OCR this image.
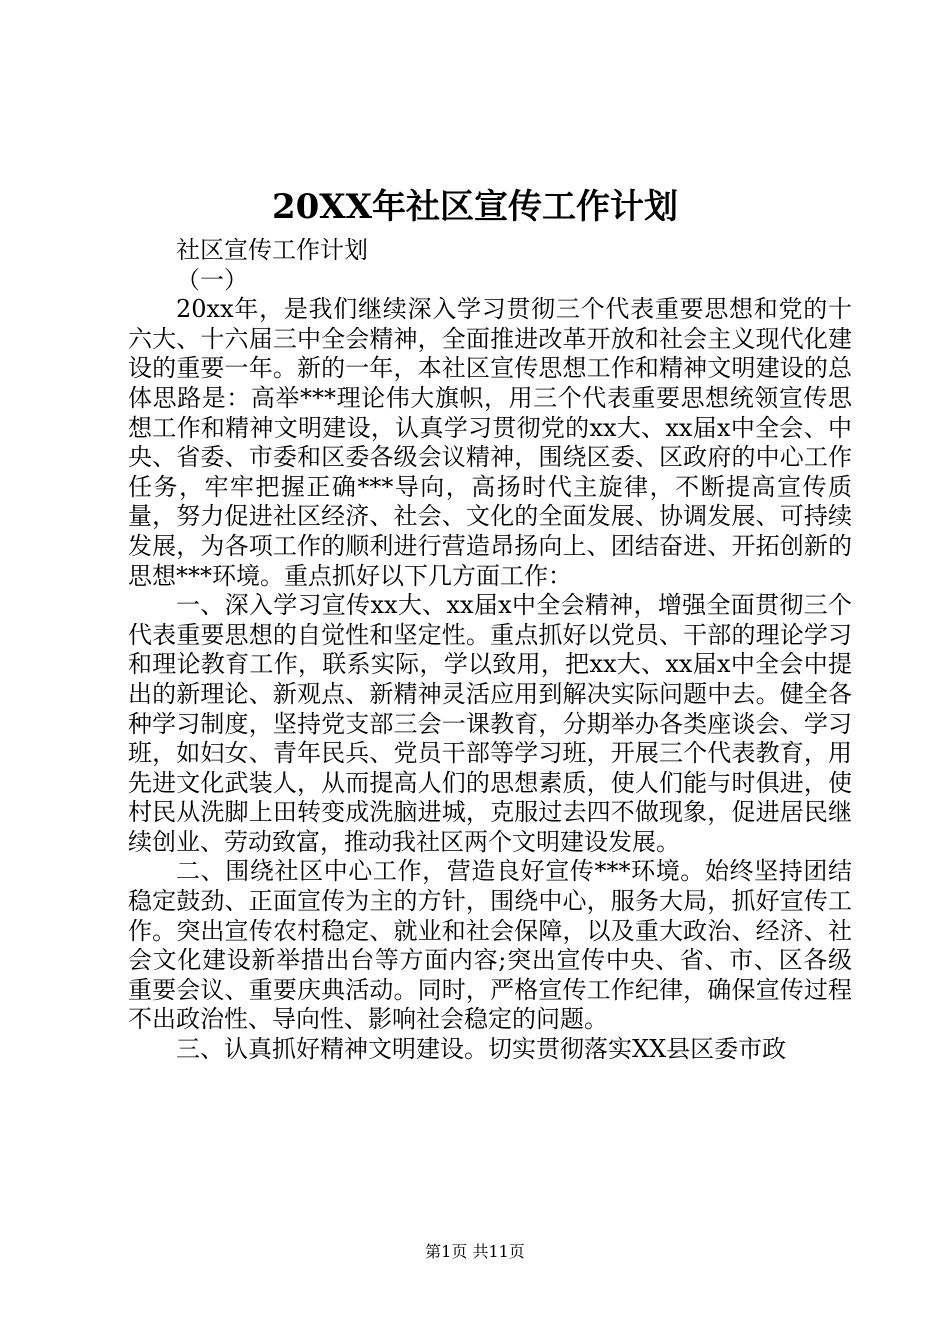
20XX年社区宣传工作计划

社区宣传工作计划

（一）

20xx年，是我们继续深入学习贯彻三个代表重要思想和党的十六大、十六届三中全会精神，全面推进改革开放和社会主义现代化建设的重要一年。新的一年，本社区宣传思想工作和精神文明建设的总体思路是：高举***理论伟大旗帜，用三个代表重要思想统领宣传思想工作和精神文明建设，认真学习贯彻党的xx大、xx届x中全会、中央、省委、市委和区委各级会议精神，围绕区委、区政府的中心工作任务，牢牢把握正确***导向，高扬时代主旋律，不断提高宣传质量，努力促进社区经济、社会、文化的全面发展、协调发展、可持续发展，为各项工作的顺利进行营造昂扬向上、团结奋进、开拓创新的思想***环境。重点抓好以下几方面工作：

一、深入学习宣传xx大、xx届x中全会精神，增强全面贯彻三个代表重要思想的自觉性和坚定性。重点抓好以党员、干部的理论学习和理论教育工作，联系实际，学以致用，把xx大、xx届x中全会中提出的新理论、新观点、新精神灵活应用到解决实际问题中去。健全各种学习制度，坚持党支部三会一课教育，分期举办各类座谈会、学习班，如妇女、青年民兵、党员干部等学习班，开展三个代表教育，用先进文化武装人，从而提高人们的思想素质，使人们能与时俱进，使村民从洗脚上田转变成洗脑进城，克服过去四不做现象，促进居民继续创业、劳动致富，推动我社区两个文明建设发展。

二、围绕社区中心工作，营造良好宣传***环境。始终坚持团结稳定鼓劲、正面宣传为主的方针，围绕中心，服务大局，抓好宣传工作。突出宣传农村稳定、就业和社会保障，以及重大政治、经济、社会文化建设新举措出台等方面内容;突出宣传中央、省、市、区各级重要会议、重要庆典活动。同时，严格宣传工作纪律，确保宣传过程不出政治性、导向性、影响社会稳定的问题。

三、认真抓好精神文明建设。切实贯彻落实XX县区委市政

第1页 共11页
